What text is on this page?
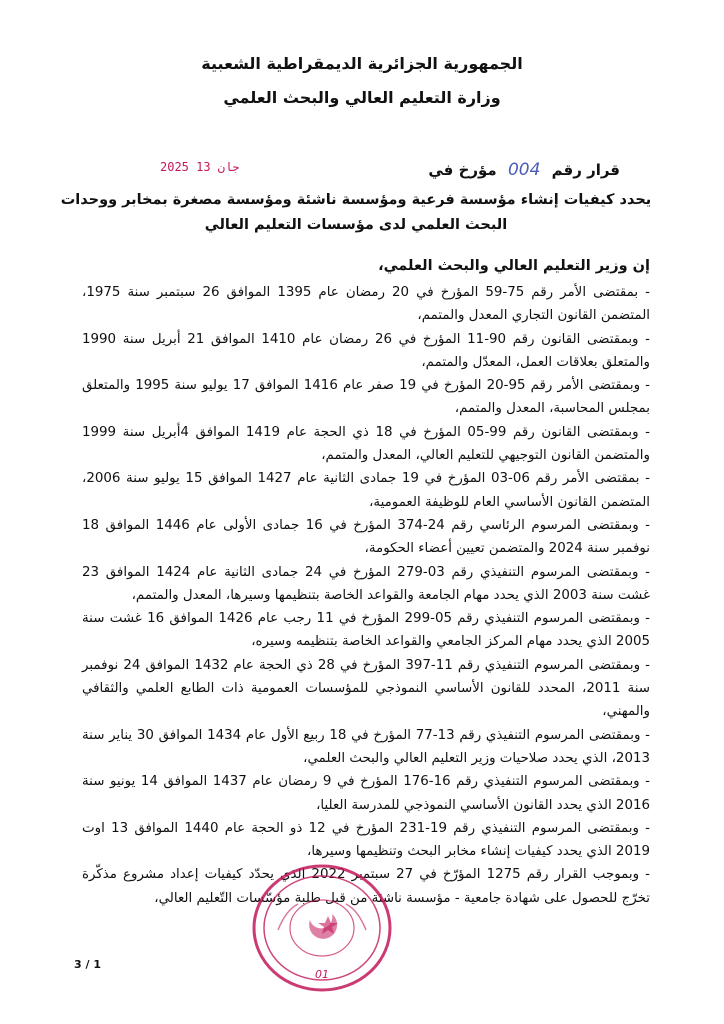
الجمهورية الجزائرية الديمقراطية الشعبية
وزارة التعليم العالي والبحث العلمي
قرار رقم 004 مؤرخ في
2025 جان 13
يحدد كيفيات إنشاء مؤسسة فرعية ومؤسسة ناشئة ومؤسسة مصغرة بمخابر ووحدات
البحث العلمي لدى مؤسسات التعليم العالي
إن وزير التعليم العالي والبحث العلمي،

- بمقتضى الأمر رقم 75-59 المؤرخ في 20 رمضان عام 1395 الموافق 26 سبتمبر سنة 1975، المتضمن القانون التجاري المعدل والمتمم،

- وبمقتضى القانون رقم 90-11 المؤرخ في 26 رمضان عام 1410 الموافق 21 أبريل سنة 1990 والمتعلق بعلاقات العمل، المعدّل والمتمم،

- وبمقتضى الأمر رقم 95-20 المؤرخ في 19 صفر عام 1416 الموافق 17 يوليو سنة 1995 والمتعلق بمجلس المحاسبة، المعدل والمتمم،

- وبمقتضى القانون رقم 99-05 المؤرخ في 18 ذي الحجة عام 1419 الموافق 4أبريل سنة 1999 والمتضمن القانون التوجيهي للتعليم العالي، المعدل والمتمم،

- بمقتضى الأمر رقم 06-03 المؤرخ في 19 جمادى الثانية عام 1427 الموافق 15 يوليو سنة 2006، المتضمن القانون الأساسي العام للوظيفة العمومية،

- وبمقتضى المرسوم الرئاسي رقم 24-374 المؤرخ في 16 جمادى الأولى عام 1446 الموافق 18 نوفمبر سنة 2024 والمتضمن تعيين أعضاء الحكومة،

- وبمقتضى المرسوم التنفيذي رقم 03-279 المؤرخ في 24 جمادى الثانية عام 1424 الموافق 23 غشت سنة 2003 الذي يحدد مهام الجامعة والقواعد الخاصة بتنظيمها وسيرها، المعدل والمتمم،

- وبمقتضى المرسوم التنفيذي رقم 05-299 المؤرخ في 11 رجب عام 1426 الموافق 16 غشت سنة 2005 الذي يحدد مهام المركز الجامعي والقواعد الخاصة بتنظيمه وسيره،

- وبمقتضى المرسوم التنفيذي رقم 11-397 المؤرخ في 28 ذي الحجة عام 1432 الموافق 24 نوفمبر سنة 2011، المحدد للقانون الأساسي النموذجي للمؤسسات العمومية ذات الطابع العلمي والثقافي والمهني،

- وبمقتضى المرسوم التنفيذي رقم 13-77 المؤرخ في 18 ربيع الأول عام 1434 الموافق 30 يناير سنة 2013، الذي يحدد صلاحيات وزير التعليم العالي والبحث العلمي،

- وبمقتضى المرسوم التنفيذي رقم 16-176 المؤرخ في 9 رمضان عام 1437 الموافق 14 يونيو سنة 2016 الذي يحدد القانون الأساسي النموذجي للمدرسة العليا،

- وبمقتضى المرسوم التنفيذي رقم 19-231 المؤرخ في 12 ذو الحجة عام 1440 الموافق 13 اوت 2019 الذي يحدد كيفيات إنشاء مخابر البحث وتنظيمها وسيرها،

- وبموجب القرار رقم 1275 المؤرّخ في 27 سبتمبر 2022 الذي يحدّد كيفيات إعداد مشروع مذكّرة تخرّج للحصول على شهادة جامعية - مؤسسة ناشئة من قبل طلبة مؤسّسات التّعليم العالي،

01
3 / 1
